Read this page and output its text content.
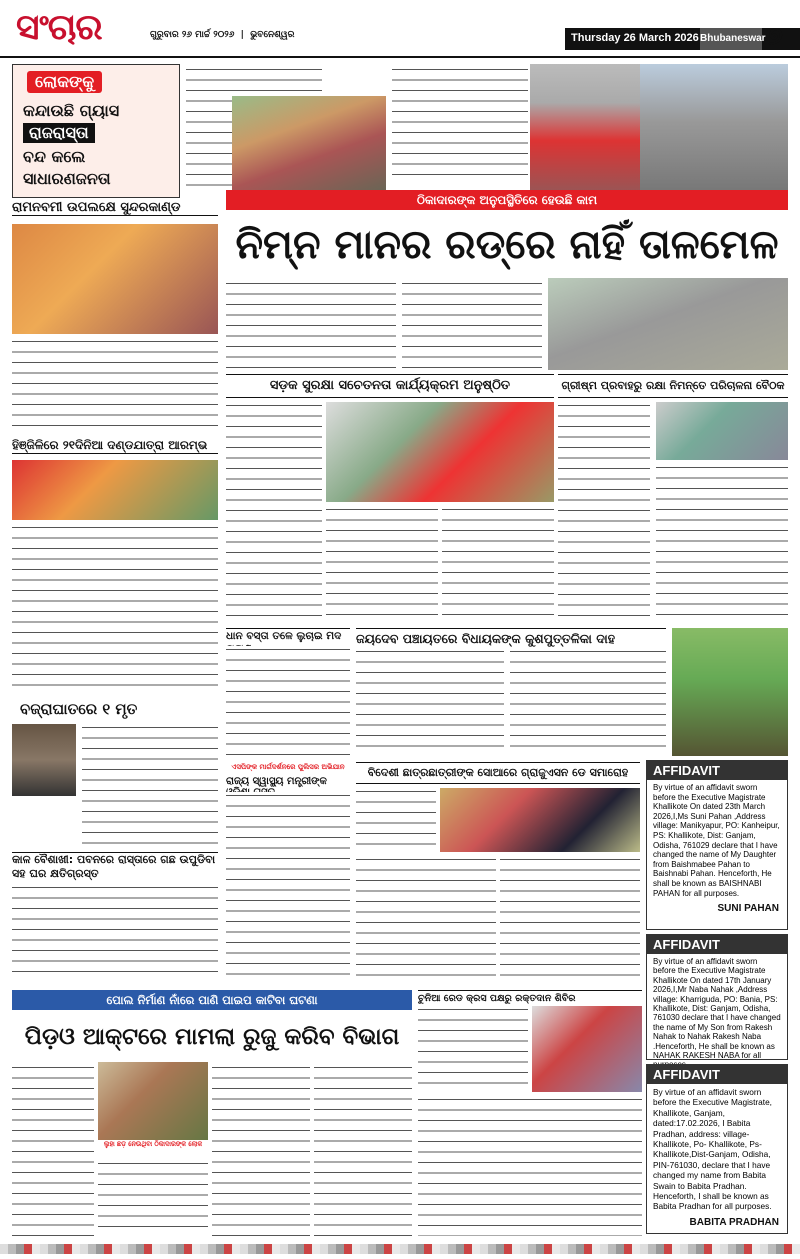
ସଂଚାର	ଗୁରୁବାର ୨୬ ମାର୍ଚ୍ଚ ୨୦୨୬  |  ଭୁବନେଶ୍ୱର	Thursday 26 March 2026 Bhubaneswar ୭
ଲୋକଙ୍କୁ
କନ୍ଦାଉଛି ଗ୍ୟାସ
ରାଜରାସ୍ତା
ବନ୍ଦ କଲେ
ସାଧାରଣଜନତା
ରାମନବମୀ ଉପଲକ୍ଷେ ସୁନ୍ଦରକାଣ୍ଡ
ହିଞ୍ଜିଳିରେ ୨୧ଦିନିଆ ଦଣ୍ଡଯାତ୍ରା ଆରମ୍ଭ
ବଜ୍ରାଘାତରେ ୧ ମୃତ
କାଳ ବୈଶାଖୀ: ପବନରେ ରାସ୍ତାରେ ଗଛ ଉପୁଡିବା ସହ ଘର କ୍ଷତିଗ୍ରସ୍ତ
ଠିକାଦାରଙ୍କ ଅନୁପସ୍ଥିତିରେ ହେଉଛି କାମ
ନିମ୍ନ ମାନର ରଡ୍‌ରେ ନାହିଁ ତାଳମେଳ
ସଡ଼କ ସୁରକ୍ଷା ସଚେତନତା କାର୍ଯ୍ୟକ୍ରମ ଅନୁଷ୍ଠିତ	ଗ୍ରୀଷ୍ମ ପ୍ରବାହରୁ ରକ୍ଷା ନିମନ୍ତେ ପରିଚାଳନା ବୈଠକ
ଧାନ ବସ୍ତା ତଳେ ଲୁଚାଇ ମଦ
ଏସପିଙ୍କ ମାର୍ଗଦର୍ଶନରେ ପୁଲିସର ଅଭିଯାନ
ରାଜ୍ୟ ସ୍ୱାସ୍ଥ୍ୟ ମନ୍ତ୍ରୀଙ୍କ
ଜୟଦେବ ପଞ୍ଚାୟତରେ ବିଧାୟକଙ୍କ କୁଶପୁତ୍ତଳିକା ଦାହ
ବିଦେଶୀ ଛାତ୍ରଛାତ୍ରୀଙ୍କ ସୋଆରେ ଗ୍ରାଜୁଏସନ ଡେ ସମାରୋହ	AFFIDAVIT
By virtue of an affidavit sworn before the Executive Magistrate Khallikote On dated 23th March 2026,I,Ms Suni Pahan ,Address village: Manikyapur, PO: Kanheipur, PS: Khallikote, Dist: Ganjam, Odisha, 761029 declare that I have changed the name of My Daughter from Baishmabee Pahan to Baishnabi Pahan. Henceforth, He shall be known as BAISHNABI PAHAN for all purposes.
SUNI PAHAN
AFFIDAVIT
By virtue of an affidavit sworn before the Executive Magistrate Khallikote On dated 17th January 2026,I,Mr Naba Nahak ,Address village: Kharriguda, PO: Bania, PS: Khallikote, Dist: Ganjam, Odisha, 761030 declare that I have changed the name of My Son from Rakesh Nahak to Nahak Rakesh Naba .Henceforth, He shall be known as NAHAK RAKESH NABA for all
AFFIDAVIT
By virtue of an affidavit sworn before the Executive Magistrate, Khallikote, Ganjam, dated:17.02.2026, I Babita Pradhan, address: village-Khallikote, Po- Khallikote, Ps-Khallikote,Dist-Ganjam, Odisha, PIN-761030, declare that I have changed my name from Babita Swain to Babita Pradhan. Henceforth, I shall be known as Babita Pradhan for all purposes.
BABITA PRADHAN
ପୋଲ ନିର୍ମାଣ ନାଁରେ ପାଣି ପାଇପ କାଟିବା ଘଟଣା
ପିଡ଼ଓ ଆକ୍ଟରେ ମାମଲା ରୁଜୁ କରିବ ବିଭାଗ
ଲୁହା ଛଡ଼ ନେଉଥିବା ଠିକାଦାରଙ୍କ ଲୋକ
ଚୁନିଆ ରେଡ କ୍ରସ ପକ୍ଷରୁ ରକ୍ତଦାନ ଶିବିର
